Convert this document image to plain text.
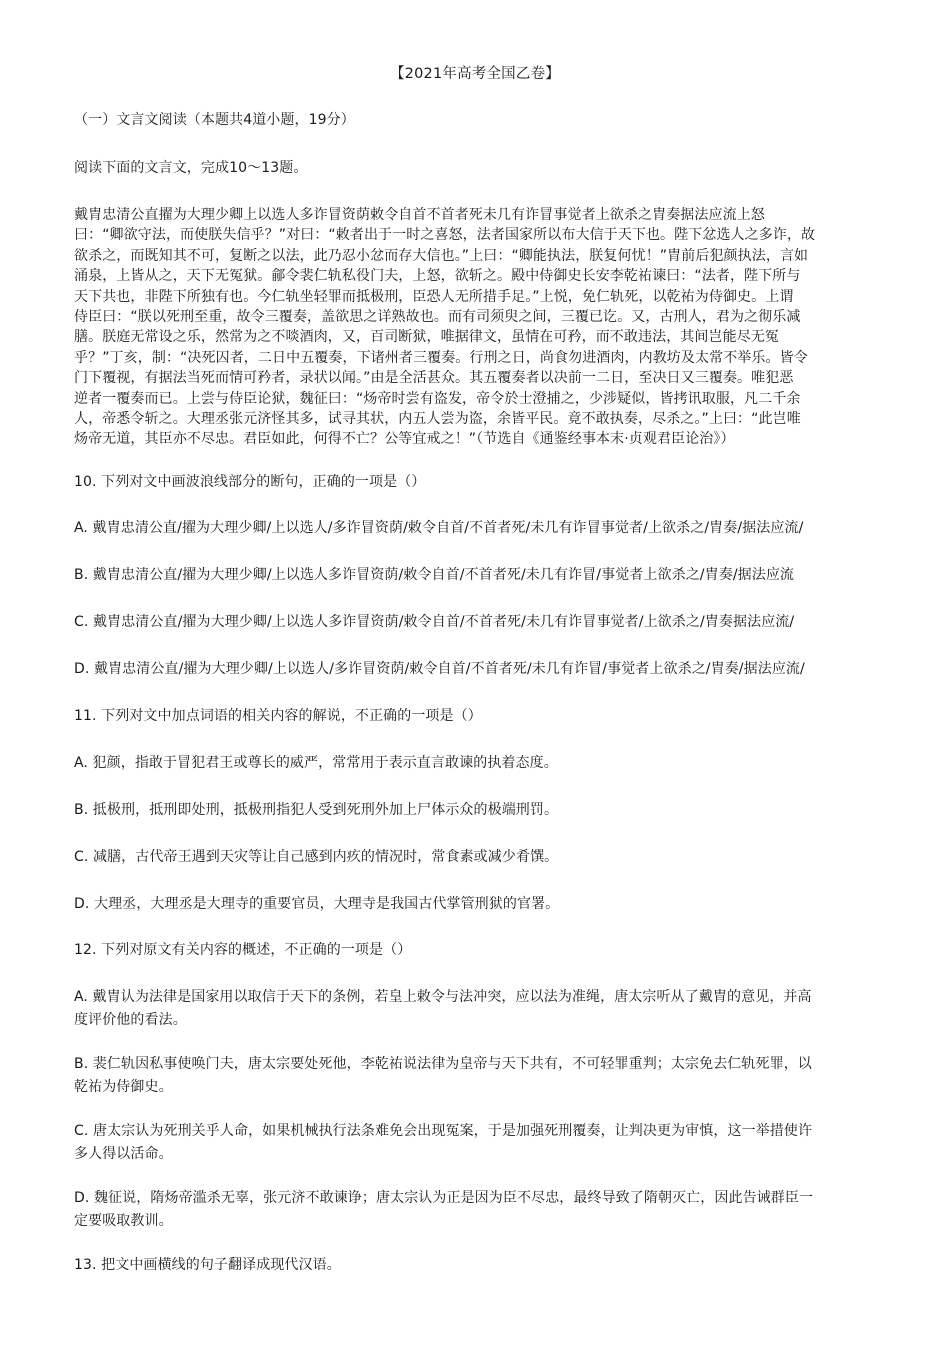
【2021年高考全国乙卷】
（一）文言文阅读（本题共4道小题，19分）
阅读下面的文言文，完成10～13题。
戴胄忠清公直擢为大理少卿上以选人多诈冒资荫敕令自首不首者死未几有诈冒事觉者上欲杀之胄奏据法应流上怒
曰：“卿欲守法，而使朕失信乎？”对曰：“敕者出于一时之喜怒，法者国家所以布大信于天下也。陛下忿选人之多诈，故
欲杀之，而既知其不可，复断之以法，此乃忍小忿而存大信也。”上曰：“卿能执法，朕复何忧！”胄前后犯颜执法，言如
涌泉，上皆从之，天下无冤狱。鄃令裴仁轨私役门夫，上怒，欲斩之。殿中侍御史长安李乾祐谏曰：“法者，陛下所与
天下共也，非陛下所独有也。今仁轨坐轻罪而抵极刑，臣恐人无所措手足。”上悦，免仁轨死，以乾祐为侍御史。上谓
侍臣曰：“朕以死刑至重，故令三覆奏，盖欲思之详熟故也。而有司须臾之间，三覆已讫。又，古刑人，君为之彻乐减
膳。朕庭无常设之乐，然常为之不啖酒肉，又，百司断狱，唯据律文，虽情在可矜，而不敢违法，其间岂能尽无冤
乎？”丁亥，制：“决死囚者，二日中五覆奏，下诸州者三覆奏。行刑之日，尚食勿进酒肉，内教坊及太常不举乐。皆令
门下覆视，有据法当死而情可矜者，录状以闻。”由是全活甚众。其五覆奏者以决前一二日，至决日又三覆奏。唯犯恶
逆者一覆奏而已。上尝与侍臣论狱，魏征曰：“炀帝时尝有盗发，帝令於士澄捕之，少涉疑似，皆拷讯取服，凡二千余
人，帝悉令斩之。大理丞张元济怪其多，试寻其状，内五人尝为盗，余皆平民。竟不敢执奏，尽杀之。”上曰：“此岂唯
炀帝无道，其臣亦不尽忠。君臣如此，何得不亡？公等宜戒之！”（节选自《通鉴经事本末·贞观君臣论治》）
10. 下列对文中画波浪线部分的断句，正确的一项是（）
A. 戴胄忠清公直/擢为大理少卿/上以选人/多诈冒资荫/敕令自首/不首者死/未几有诈冒事觉者/上欲杀之/胄奏/据法应流/
B. 戴胄忠清公直/擢为大理少卿/上以选人多诈冒资荫/敕令自首/不首者死/未几有诈冒/事觉者上欲杀之/胄奏/据法应流
C. 戴胄忠清公直/擢为大理少卿/上以选人多诈冒资荫/敕令自首/不首者死/未几有诈冒事觉者/上欲杀之/胄奏据法应流/
D. 戴胄忠清公直/擢为大理少卿/上以选人/多诈冒资荫/敕令自首/不首者死/未几有诈冒/事觉者上欲杀之/胄奏/据法应流/
11. 下列对文中加点词语的相关内容的解说，不正确的一项是（）
A. 犯颜，指敢于冒犯君王或尊长的威严，常常用于表示直言敢谏的执着态度。
B. 抵极刑，抵刑即处刑，抵极刑指犯人受到死刑外加上尸体示众的极端刑罚。
C. 减膳，古代帝王遇到天灾等让自己感到内疚的情况时，常食素或减少肴馔。
D. 大理丞，大理丞是大理寺的重要官员，大理寺是我国古代掌管刑狱的官署。
12. 下列对原文有关内容的概述，不正确的一项是（）
A. 戴胄认为法律是国家用以取信于天下的条例，若皇上敕令与法冲突，应以法为准绳，唐太宗听从了戴胄的意见，并高
度评价他的看法。
B. 裴仁轨因私事使唤门夫，唐太宗要处死他，李乾祐说法律为皇帝与天下共有，不可轻罪重判；太宗免去仁轨死罪，以
乾祐为侍御史。
C. 唐太宗认为死刑关乎人命，如果机械执行法条难免会出现冤案，于是加强死刑覆奏，让判决更为审慎，这一举措使许
多人得以活命。
D. 魏征说，隋炀帝滥杀无辜，张元济不敢谏诤；唐太宗认为正是因为臣不尽忠，最终导致了隋朝灭亡，因此告诫群臣一
定要吸取教训。
13. 把文中画横线的句子翻译成现代汉语。
